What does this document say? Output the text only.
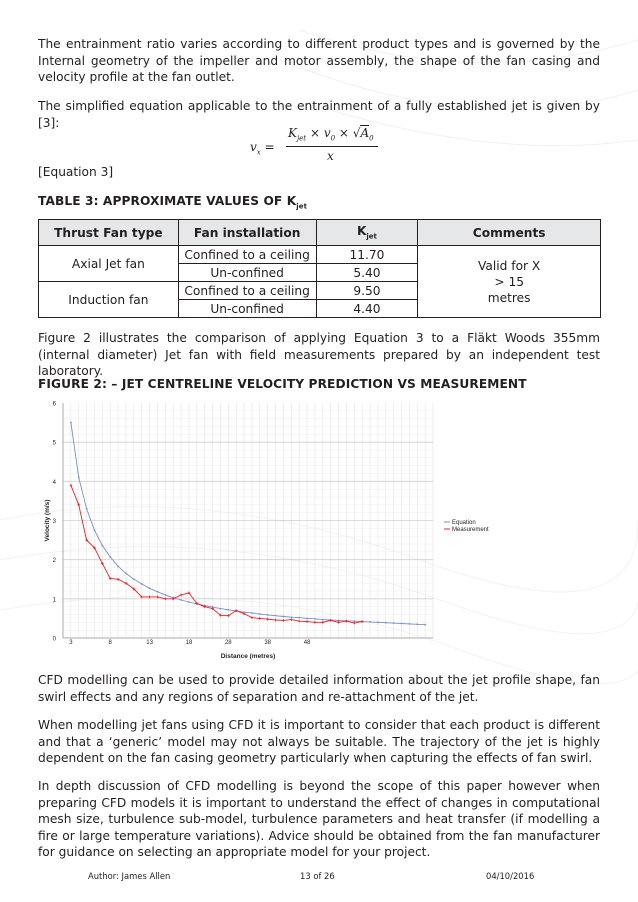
The entrainment ratio varies according to different product types and is governed by the Internal geometry of the impeller and motor assembly, the shape of the fan casing and velocity profile at the fan outlet.

The simplified equation applicable to the entrainment of a fully established jet is given by [3]:

$v_x$ =
$K_{jet} \times v_0 \times √A_0$
x

[Equation 3]

TABLE 3: APPROXIMATE VALUES OF $K_{jet}$
Thrust Fan type	Fan installation	$K_{jet}$	Comments
Axial Jet fan	Confined to a ceiling	11.70	Valid for X
> 15
metres

	Un-confined	5.40	
Induction fan	Confined to a ceiling	9.50	
	Un-confined	4.40	

Figure 2 illustrates the comparison of applying Equation 3 to a Fläkt Woods 355mm (internal diameter) Jet fan with field measurements prepared by an independent test laboratory.

FIGURE 2: – JET CENTRELINE VELOCITY PREDICTION VS MEASUREMENT
0
1
2
3
4
5
6
3	8	13	18	28	38	48
Distance (metres)
Velocity (m/s)	Equation
Measurement

CFD modelling can be used to provide detailed information about the jet profile shape, fan swirl effects and any regions of separation and re-attachment of the jet.

When modelling jet fans using CFD it is important to consider that each product is different and that a ‘generic’ model may not always be suitable. The trajectory of the jet is highly dependent on the fan casing geometry particularly when capturing the effects of fan swirl.

In depth discussion of CFD modelling is beyond the scope of this paper however when preparing CFD models it is important to understand the effect of changes in computational mesh size, turbulence sub-model, turbulence parameters and heat transfer (if modelling a fire or large temperature variations). Advice should be obtained from the fan manufacturer for guidance on selecting an appropriate model for your project.

Author: James Allen	13 of 26	04/10/2016
